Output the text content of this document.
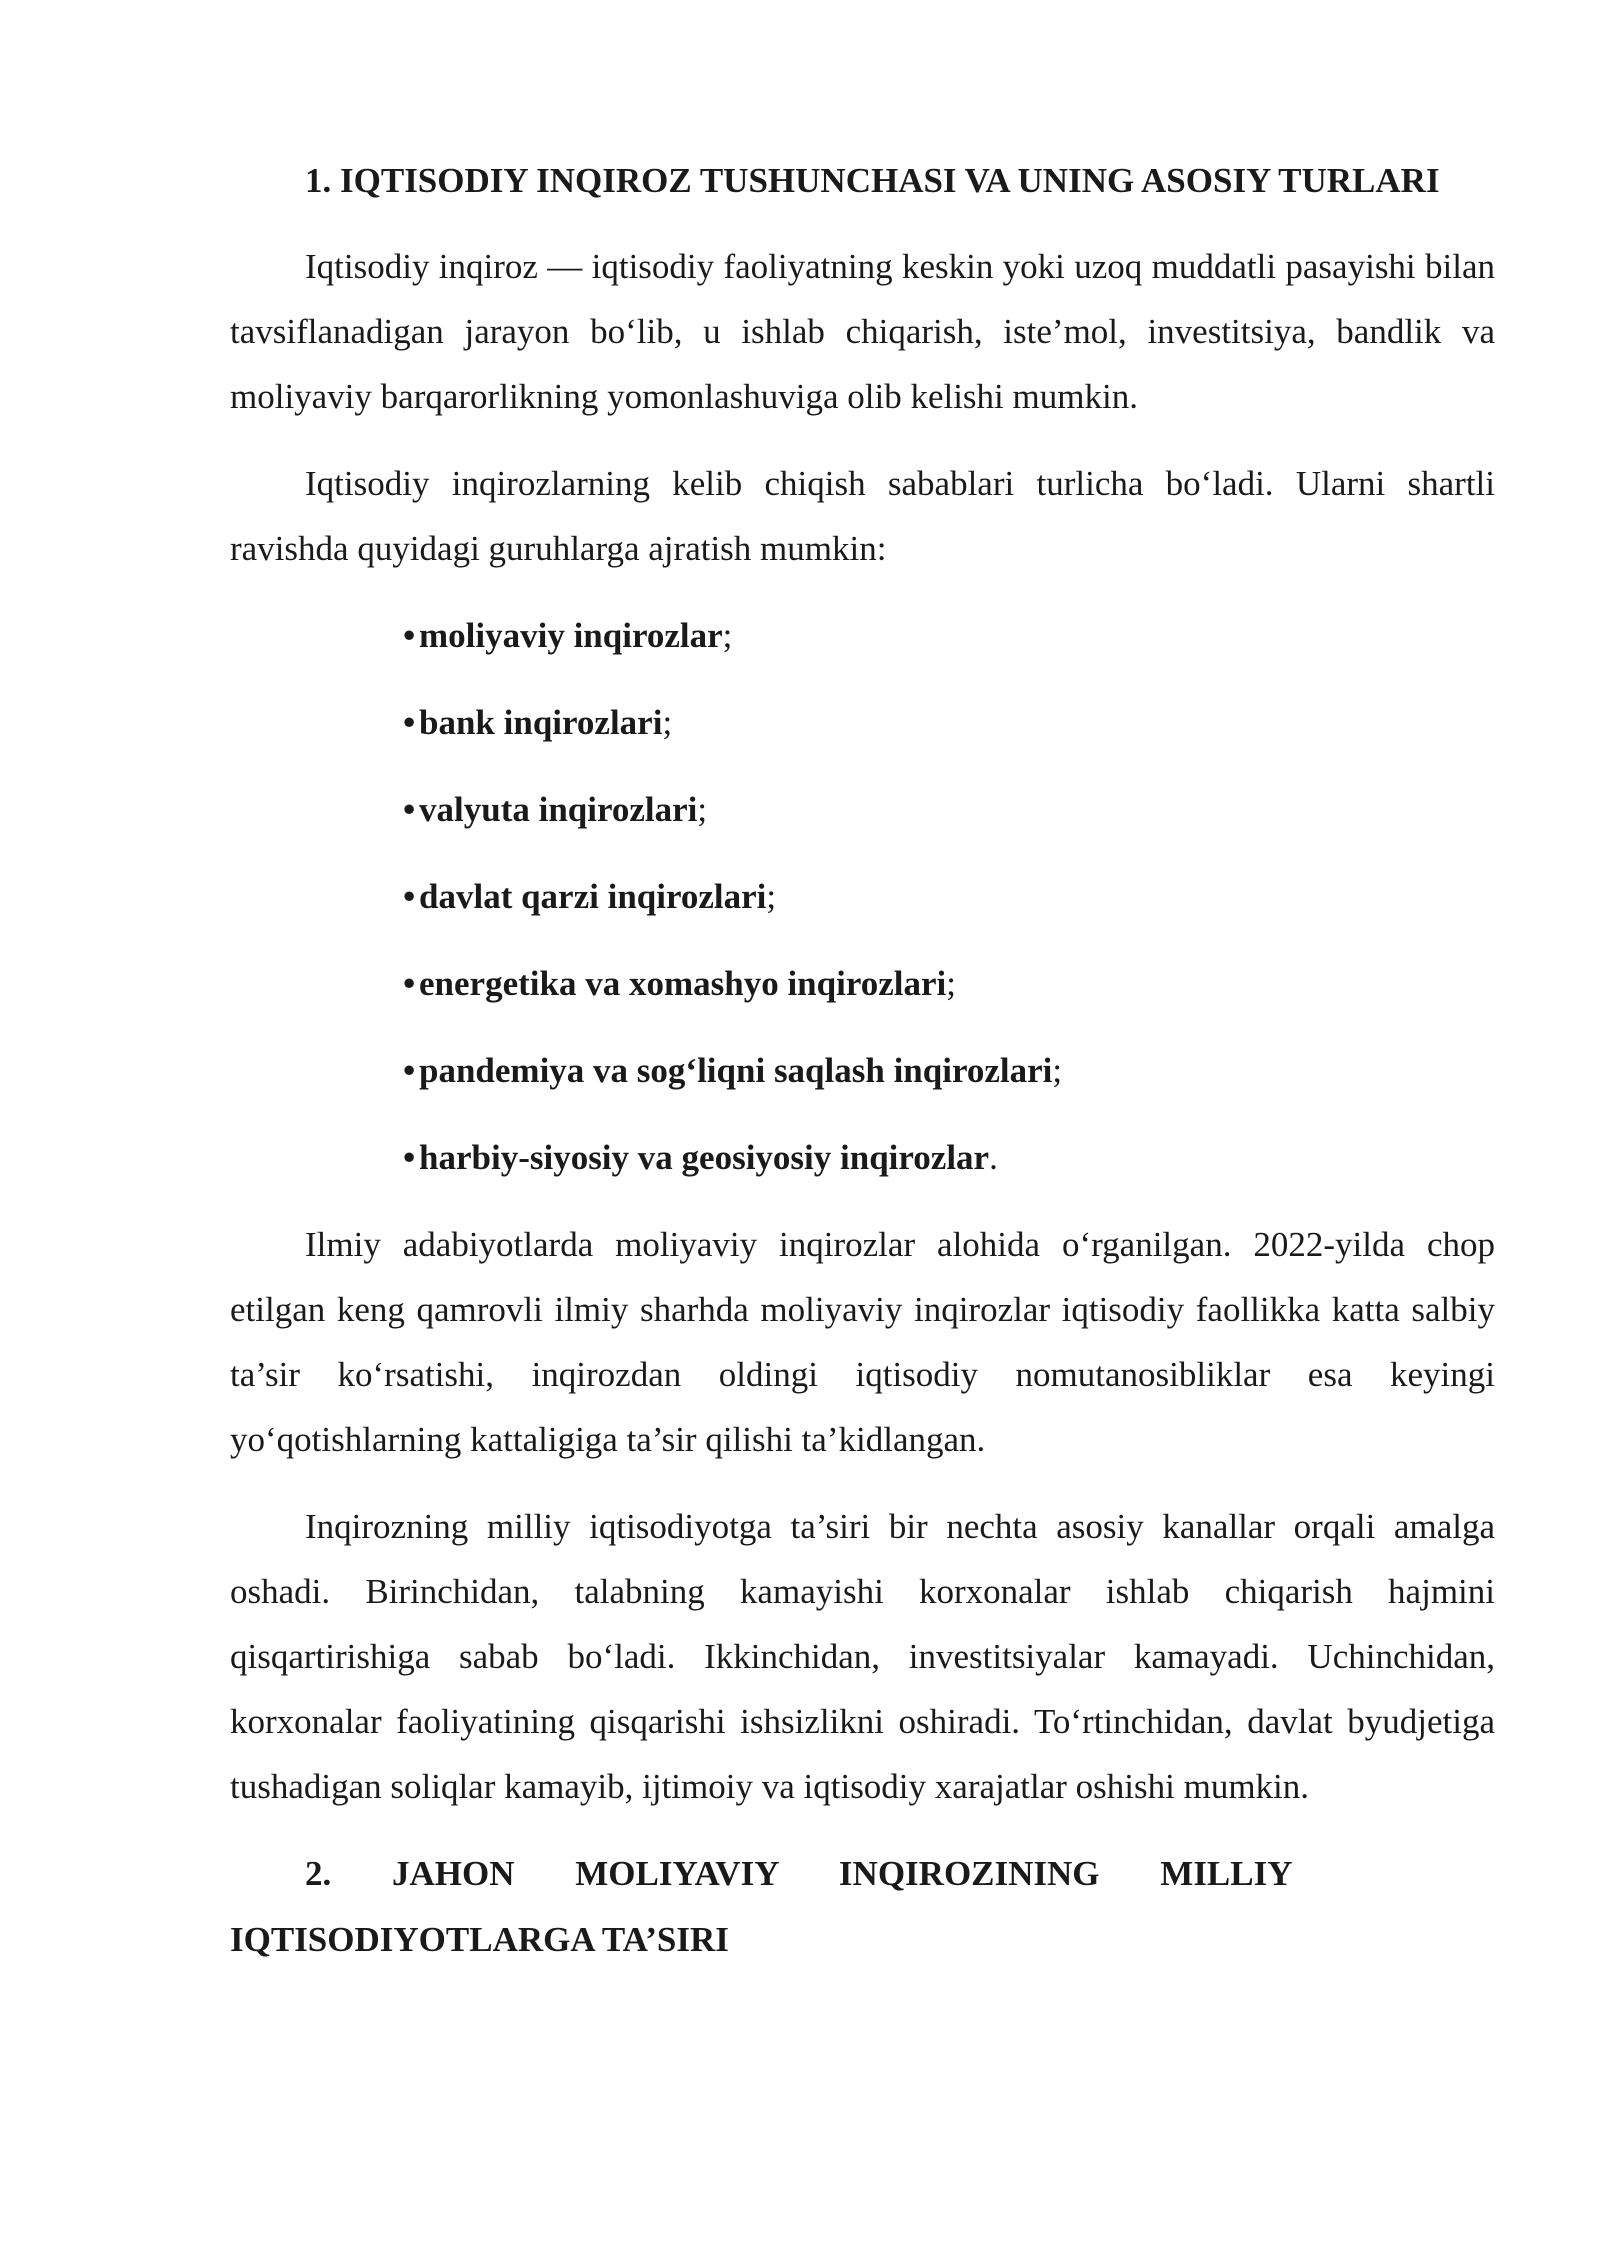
1. IQTISODIY INQIROZ TUSHUNCHASI VA UNING ASOSIY TURLARI

Iqtisodiy inqiroz — iqtisodiy faoliyatning keskin yoki uzoq muddatli pasayishi bilan tavsiflanadigan jarayon bo‘lib, u ishlab chiqarish, iste’mol, investitsiya, bandlik va moliyaviy barqarorlikning yomonlashuviga olib kelishi mumkin.

Iqtisodiy inqirozlarning kelib chiqish sabablari turlicha bo‘ladi. Ularni shartli ravishda quyidagi guruhlarga ajratish mumkin:

• moliyaviy inqirozlar;
• bank inqirozlari;
• valyuta inqirozlari;
• davlat qarzi inqirozlari;
• energetika va xomashyo inqirozlari;
• pandemiya va sog‘liqni saqlash inqirozlari;
• harbiy-siyosiy va geosiyosiy inqirozlar.

Ilmiy adabiyotlarda moliyaviy inqirozlar alohida o‘rganilgan. 2022-yilda chop etilgan keng qamrovli ilmiy sharhda moliyaviy inqirozlar iqtisodiy faollikka katta salbiy ta’sir ko‘rsatishi, inqirozdan oldingi iqtisodiy nomutanosibliklar esa keyingi yo‘qotishlarning kattaligiga ta’sir qilishi ta’kidlangan.

Inqirozning milliy iqtisodiyotga ta’siri bir nechta asosiy kanallar orqali amalga oshadi. Birinchidan, talabning kamayishi korxonalar ishlab chiqarish hajmini qisqartirishiga sabab bo‘ladi. Ikkinchidan, investitsiyalar kamayadi. Uchinchidan, korxonalar faoliyatining qisqarishi ishsizlikni oshiradi. To‘rtinchidan, davlat byudjetiga tushadigan soliqlar kamayib, ijtimoiy va iqtisodiy xarajatlar oshishi mumkin.

2. JAHON MOLIYAVIY INQIROZINING MILLIY
IQTISODIYOTLARGA TA’SIRI
